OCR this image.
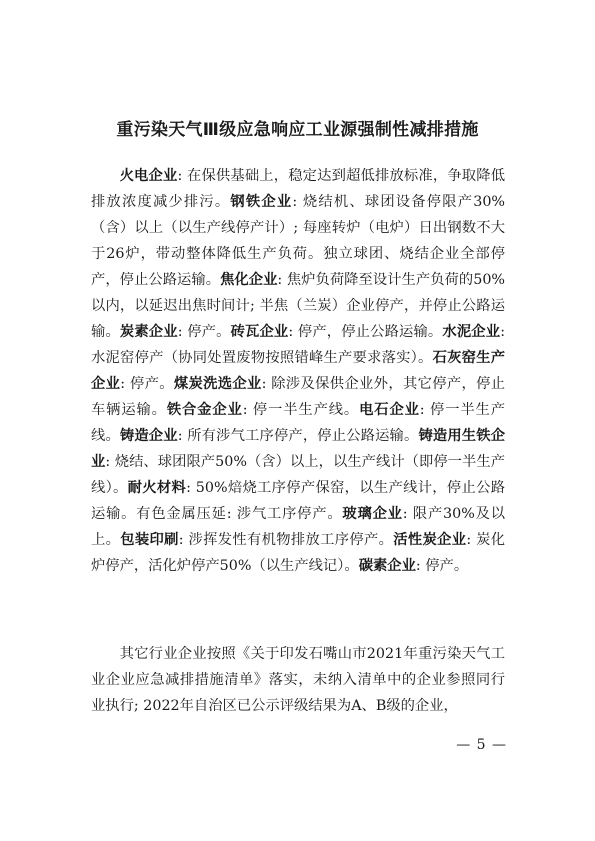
重污染天气Ⅲ级应急响应工业源强制性减排措施

火电企业: 在保供基础上，稳定达到超低排放标准，争取降低排放浓度减少排污。钢铁企业: 烧结机、球团设备停限产30%（含）以上（以生产线停产计）; 每座转炉（电炉）日出钢数不大于26炉，带动整体降低生产负荷。独立球团、烧结企业全部停产，停止公路运输。焦化企业: 焦炉负荷降至设计生产负荷的50%以内，以延迟出焦时间计; 半焦（兰炭）企业停产，并停止公路运输。炭素企业: 停产。砖瓦企业: 停产，停止公路运输。水泥企业: 水泥窑停产（协同处置废物按照错峰生产要求落实）。石灰窑生产企业: 停产。煤炭洗选企业: 除涉及保供企业外，其它停产，停止车辆运输。铁合金企业: 停一半生产线。电石企业: 停一半生产线。铸造企业: 所有涉气工序停产，停止公路运输。铸造用生铁企业: 烧结、球团限产50%（含）以上，以生产线计（即停一半生产线）。耐火材料: 50%焙烧工序停产保窑，以生产线计，停止公路运输。有色金属压延: 涉气工序停产。玻璃企业: 限产30%及以上。包装印刷: 涉挥发性有机物排放工序停产。活性炭企业: 炭化炉停产，活化炉停产50%（以生产线记）。碳素企业: 停产。

其它行业企业按照《关于印发石嘴山市2021年重污染天气工业企业应急减排措施清单》落实，未纳入清单中的企业参照同行业执行; 2022年自治区已公示评级结果为A、B级的企业，

— 5 —
